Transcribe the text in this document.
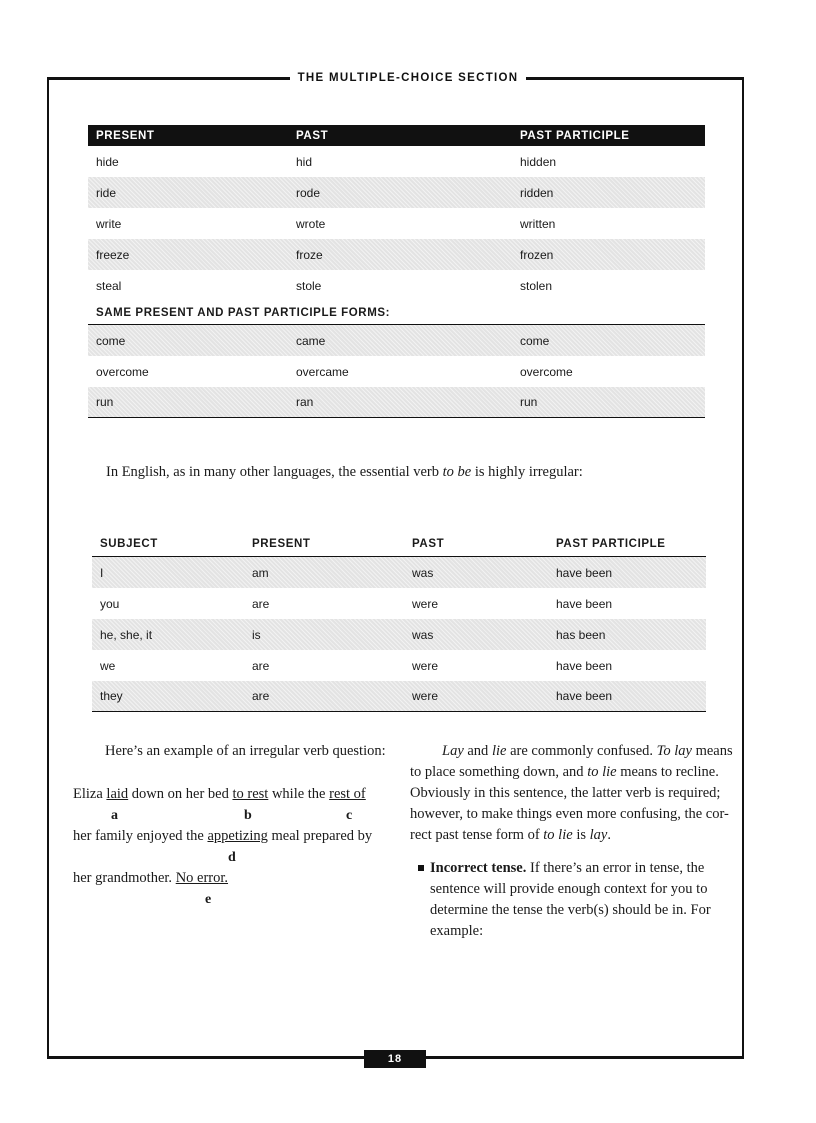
THE MULTIPLE-CHOICE SECTION
PRESENT	PAST	PAST PARTICIPLE
hide	hid	hidden
ride	rode	ridden
write	wrote	written
freeze	froze	frozen
steal	stole	stolen
SAME PRESENT AND PAST PARTICIPLE FORMS:
come	came	come
overcome	overcame	overcome
run	ran	run
In English, as in many other languages, the essential verb to be is highly irregular:
SUBJECT	PRESENT	PAST	PAST PARTICIPLE
I	am	was	have been
you	are	were	have been
he, she, it	is	was	has been
we	are	were	have been
they	are	were	have been
Here’s an example of an irregular verb question:
Eliza laid down on her bed to rest while the rest of
a	b	c
her family enjoyed the appetizing meal prepared by
d
her grandmother. No error.
e
Lay and lie are commonly confused. To lay means
to place something down, and to lie means to recline.
Obviously in this sentence, the latter verb is required;
however, to make things even more confusing, the cor-
rect past tense form of to lie is lay.
Incorrect tense. If there’s an error in tense, the
sentence will provide enough context for you to
determine the tense the verb(s) should be in. For
example:
18
